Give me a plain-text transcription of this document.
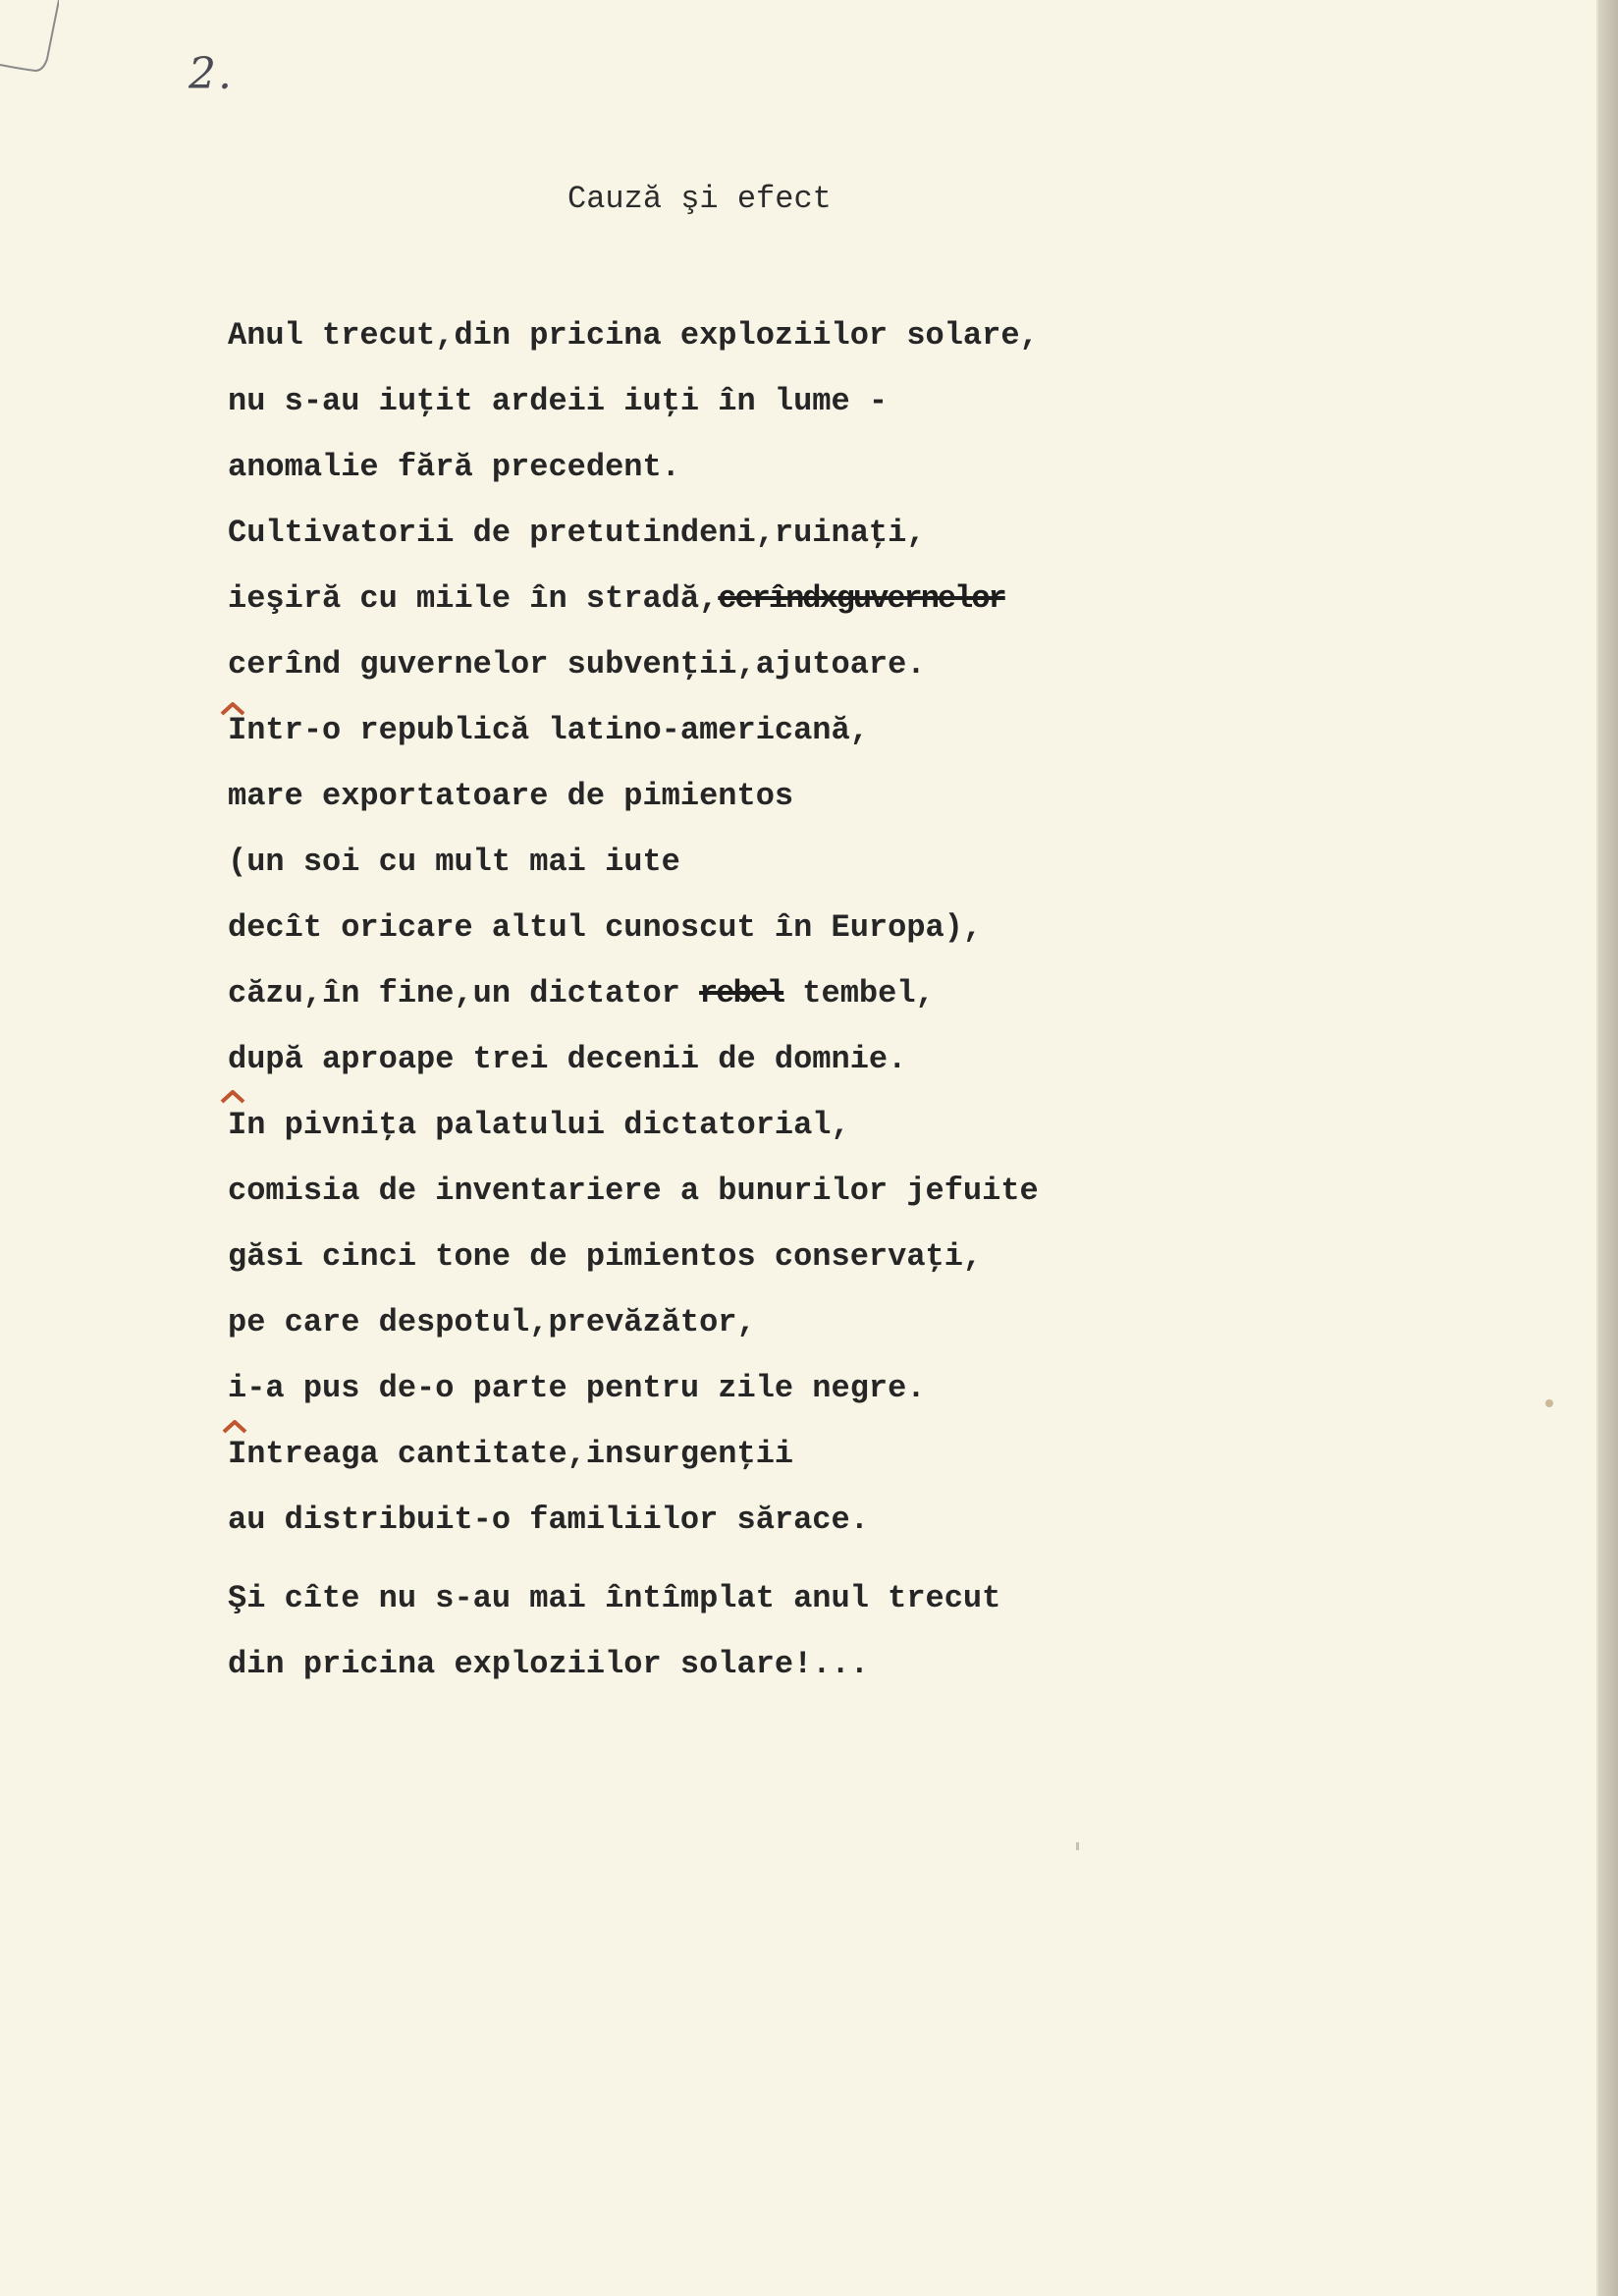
2.
Cauză şi efect
Anul trecut,din pricina exploziilor solare,
nu s-au iuţit ardeii iuţi în lume -
anomalie fără precedent.
Cultivatorii de pretutindeni,ruinaţi,
ieşiră cu miile în stradă,cerîndxguvernelor
cerînd guvernelor subvenţii,ajutoare.
Intr-o republică latino-americană,
mare exportatoare de pimientos
(un soi cu mult mai iute
decît oricare altul cunoscut în Europa),
căzu,în fine,un dictator rebel tembel,
după aproape trei decenii de domnie.
In pivniţa palatului dictatorial,
comisia de inventariere a bunurilor jefuite
găsi cinci tone de pimientos conservaţi,
pe care despotul,prevăzător,
i-a pus de-o parte pentru zile negre.
Intreaga cantitate,insurgenţii
au distribuit-o familiilor sărace.
Şi cîte nu s-au mai întîmplat anul trecut
din pricina exploziilor solare!...
